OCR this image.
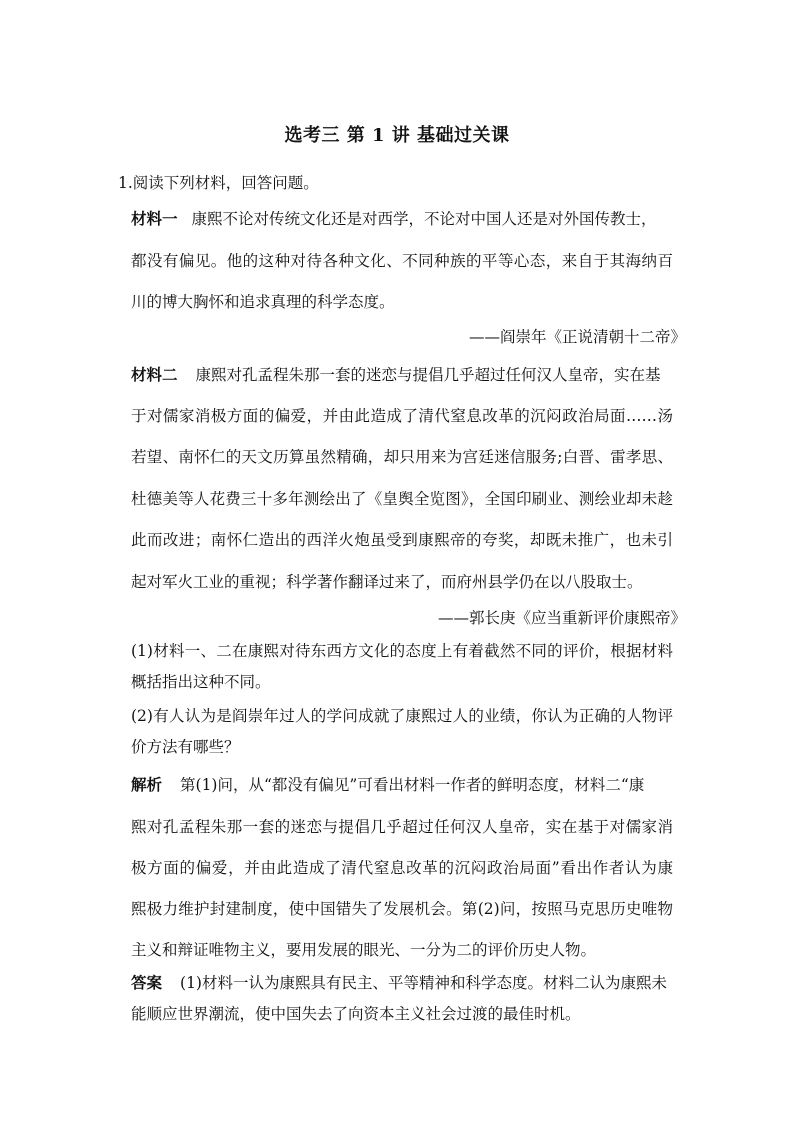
选考三 第 1 讲 基础过关课
1.阅读下列材料，回答问题。
材料一 康熙不论对传统文化还是对西学，不论对中国人还是对外国传教士，
都没有偏见。他的这种对待各种文化、不同种族的平等心态，来自于其海纳百
川的博大胸怀和追求真理的科学态度。
——阎崇年《正说清朝十二帝》
材料二 康熙对孔孟程朱那一套的迷恋与提倡几乎超过任何汉人皇帝，实在基
于对儒家消极方面的偏爱，并由此造成了清代窒息改革的沉闷政治局面……汤
若望、南怀仁的天文历算虽然精确，却只用来为宫廷迷信服务;白晋、雷孝思、
杜德美等人花费三十多年测绘出了《皇舆全览图》，全国印刷业、测绘业却未趁
此而改进；南怀仁造出的西洋火炮虽受到康熙帝的夸奖，却既未推广，也未引
起对军火工业的重视；科学著作翻译过来了，而府州县学仍在以八股取士。
——郭长庚《应当重新评价康熙帝》
(1)材料一、二在康熙对待东西方文化的态度上有着截然不同的评价，根据材料
概括指出这种不同。
(2)有人认为是阎崇年过人的学问成就了康熙过人的业绩，你认为正确的人物评
价方法有哪些？
解析 第(1)问，从“都没有偏见”可看出材料一作者的鲜明态度，材料二“康
熙对孔孟程朱那一套的迷恋与提倡几乎超过任何汉人皇帝，实在基于对儒家消
极方面的偏爱，并由此造成了清代窒息改革的沉闷政治局面”看出作者认为康
熙极力维护封建制度，使中国错失了发展机会。第(2)问，按照马克思历史唯物
主义和辩证唯物主义，要用发展的眼光、一分为二的评价历史人物。
答案 (1)材料一认为康熙具有民主、平等精神和科学态度。材料二认为康熙未
能顺应世界潮流，使中国失去了向资本主义社会过渡的最佳时机。
